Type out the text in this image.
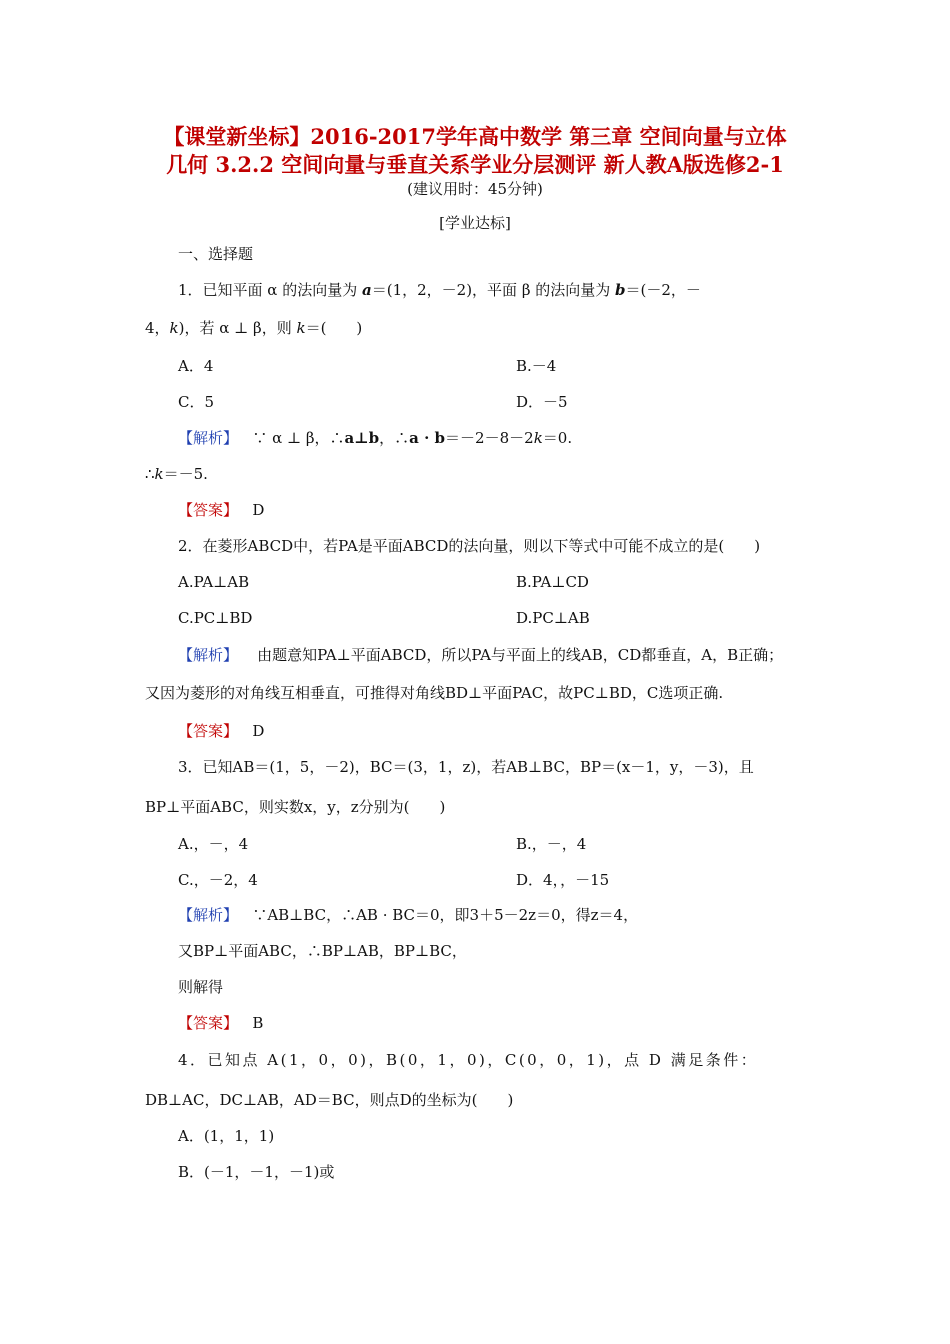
【课堂新坐标】2016-2017学年高中数学 第三章 空间向量与立体
几何 3.2.2 空间向量与垂直关系学业分层测评 新人教A版选修2-1
(建议用时：45分钟)
[学业达标]
一、选择题
1．已知平面 α 的法向量为 a＝(1，2，－2)，平面 β 的法向量为 b＝(－2，－
4，k)，若 α ⊥ β，则 k＝(　　)
A．4	B.－4
C．5	D．－5
【解析】 ∵ α ⊥ β，∴a⊥b，∴a · b＝－2－8－2k＝0.
∴k＝－5.
【答案】 D
2．在菱形ABCD中，若PA是平面ABCD的法向量，则以下等式中可能不成立的是(　　)
A.PA⊥AB	B.PA⊥CD
C.PC⊥BD	D.PC⊥AB
【解析】 由题意知PA⊥平面ABCD，所以PA与平面上的线AB，CD都垂直，A，B正确；
又因为菱形的对角线互相垂直，可推得对角线BD⊥平面PAC，故PC⊥BD，C选项正确.
【答案】 D
3．已知AB＝(1，5，－2)，BC＝(3，1，z)，若AB⊥BC，BP＝(x－1，y，－3)，且
BP⊥平面ABC，则实数x，y，z分别为(　　)
A.，－，4	B.，－，4
C.，－2，4	D．4，，－15
【解析】 ∵AB⊥BC，∴AB · BC＝0，即3＋5－2z＝0，得z＝4，
又BP⊥平面ABC，∴BP⊥AB，BP⊥BC，
则解得
【答案】 B
4．已知点 A(1，0，0)，B(0，1，0)，C(0，0，1)，点 D 满足条件：
DB⊥AC，DC⊥AB，AD＝BC，则点D的坐标为(　　)
A．(1，1，1)
B．(－1，－1，－1)或
